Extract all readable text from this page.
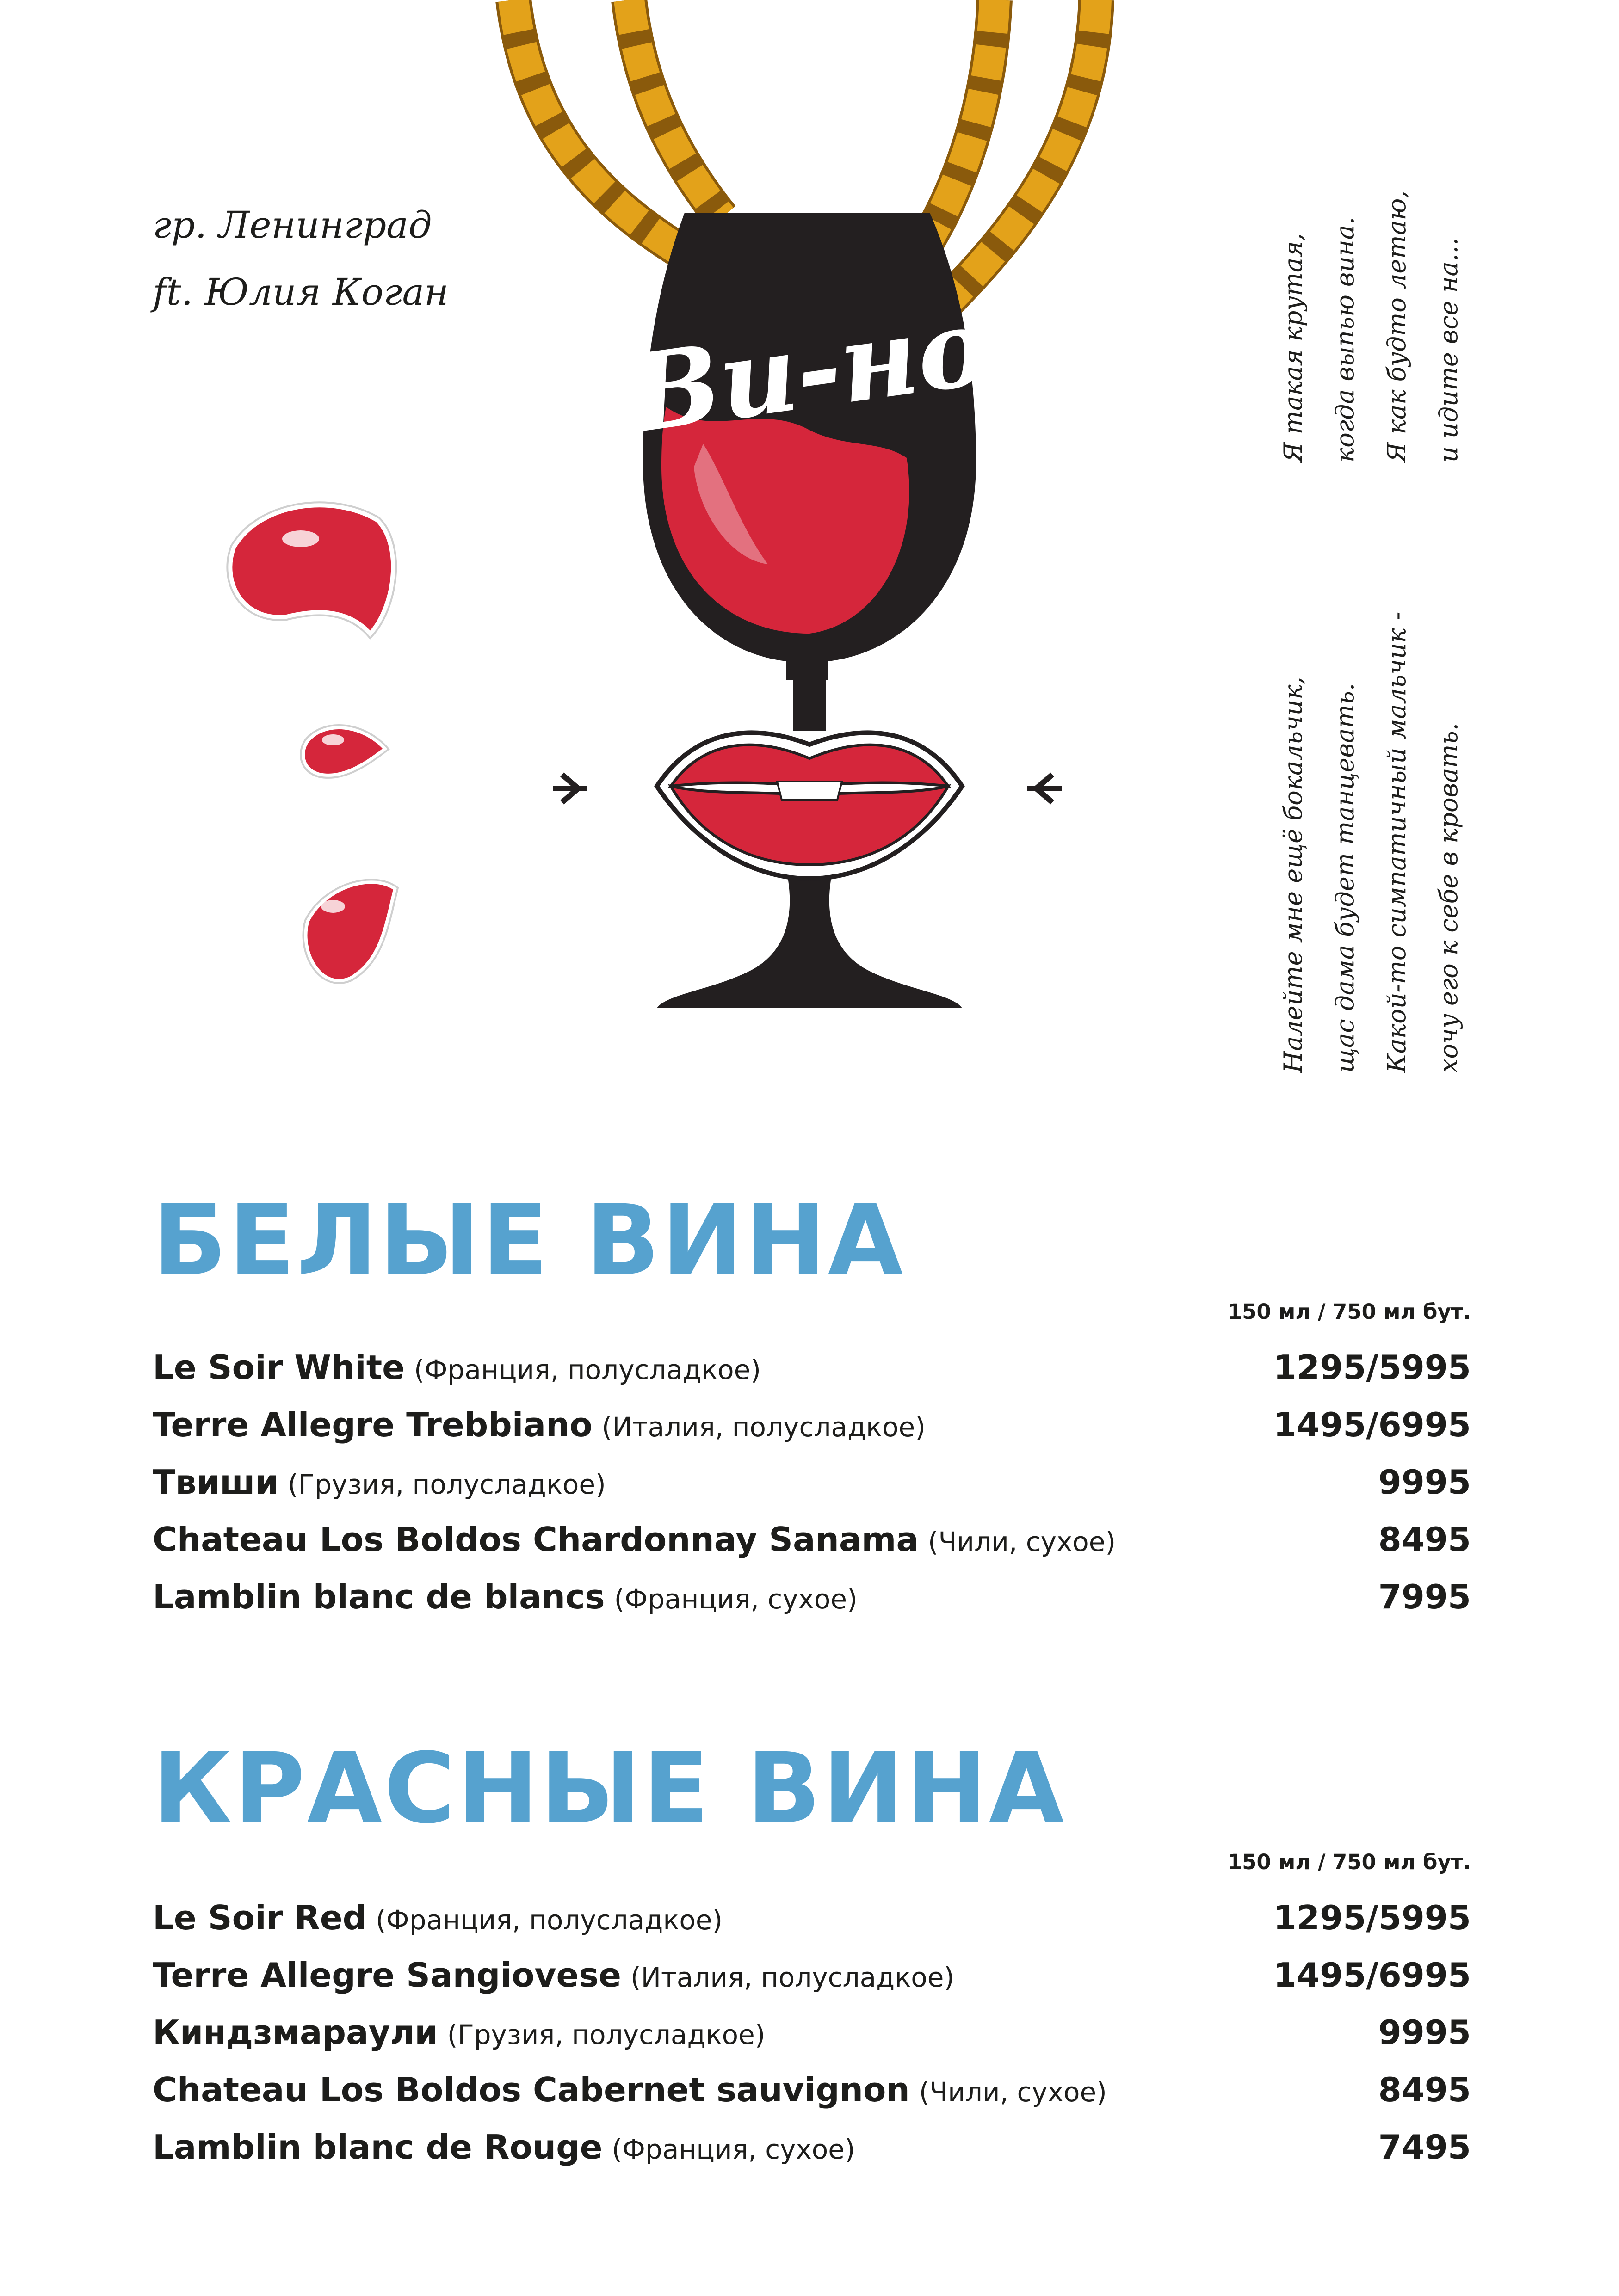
Ви-но
гр. Ленинград
ft. Юлия Коган	Я такая крутая, когда выпью вина. Я как будто летаю, и идите все на...
Налейте мне ещё бокальчик, щас дама будет танцевать. Какой-то симпатичный мальчик - хочу его к себе в кровать.
БЕЛЫЕ ВИНА
150 мл / 750 мл бут.
Le Soir White (Франция, полусладкое)	1295/5995
Terre Allegre Trebbiano (Италия, полусладкое)	1495/6995
Твиши (Грузия, полусладкое)	9995
Chateau Los Boldos Chardonnay Sanama (Чили, сухое)	8495
Lamblin blanc de blancs (Франция, сухое)	7995
КРАСНЫЕ ВИНА
150 мл / 750 мл бут.
Le Soir Red (Франция, полусладкое)	1295/5995
Terre Allegre Sangiovese (Италия, полусладкое)	1495/6995
Киндзмараули (Грузия, полусладкое)	9995
Chateau Los Boldos Cabernet sauvignon (Чили, сухое)	8495
Lamblin blanc de Rouge (Франция, сухое)	7495
